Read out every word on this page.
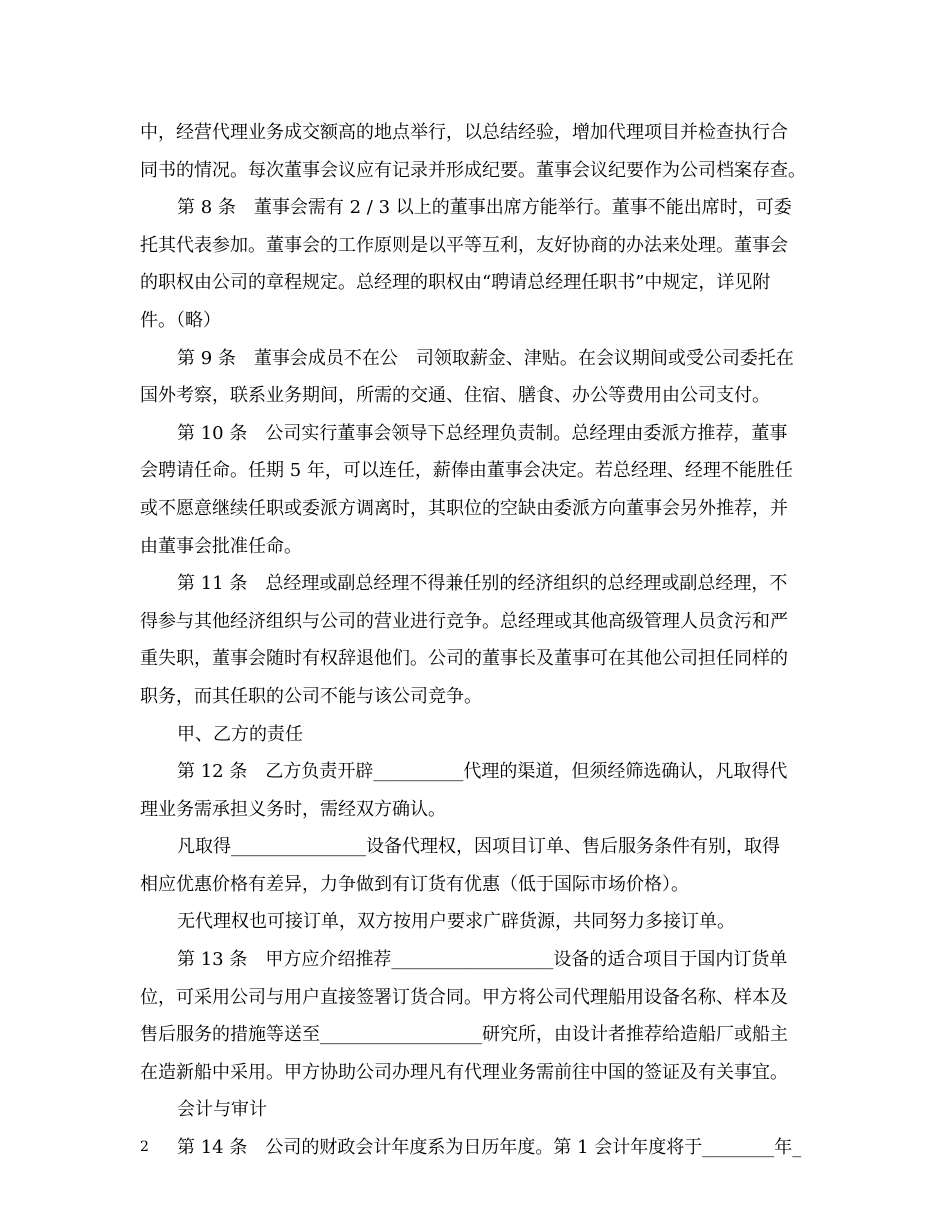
中，经营代理业务成交额高的地点举行，以总结经验，增加代理项目并检查执行合
同书的情况。每次董事会议应有记录并形成纪要。董事会议纪要作为公司档案存查。
第 8 条　董事会需有 2 / 3 以上的董事出席方能举行。董事不能出席时，可委
托其代表参加。董事会的工作原则是以平等互利，友好协商的办法来处理。董事会
的职权由公司的章程规定。总经理的职权由“聘请总经理任职书”中规定，详见附
件。（略）
第 9 条　董事会成员不在公　司领取薪金、津贴。在会议期间或受公司委托在
国外考察，联系业务期间，所需的交通、住宿、膳食、办公等费用由公司支付。
第 10 条　公司实行董事会领导下总经理负责制。总经理由委派方推荐，董事
会聘请任命。任期 5 年，可以连任，薪俸由董事会决定。若总经理、经理不能胜任
或不愿意继续任职或委派方调离时，其职位的空缺由委派方向董事会另外推荐，并
由董事会批准任命。
第 11 条　总经理或副总经理不得兼任别的经济组织的总经理或副总经理，不
得参与其他经济组织与公司的营业进行竞争。总经理或其他高级管理人员贪污和严
重失职，董事会随时有权辞退他们。公司的董事长及董事可在其他公司担任同样的
职务，而其任职的公司不能与该公司竞争。
甲、乙方的责任
第 12 条　乙方负责开辟__________代理的渠道，但须经筛选确认，凡取得代
理业务需承担义务时，需经双方确认。
凡取得_______________设备代理权，因项目订单、售后服务条件有别，取得
相应优惠价格有差异，力争做到有订货有优惠（低于国际市场价格）。
无代理权也可接订单，双方按用户要求广辟货源，共同努力多接订单。
第 13 条　甲方应介绍推荐__________________设备的适合项目于国内订货单
位，可采用公司与用户直接签署订货合同。甲方将公司代理船用设备名称、样本及
售后服务的措施等送至__________________研究所，由设计者推荐给造船厂或船主
在造新船中采用。甲方协助公司办理凡有代理业务需前往中国的签证及有关事宜。
会计与审计
第 14 条　公司的财政会计年度系为日历年度。第 1 会计年度将于________年_
2
